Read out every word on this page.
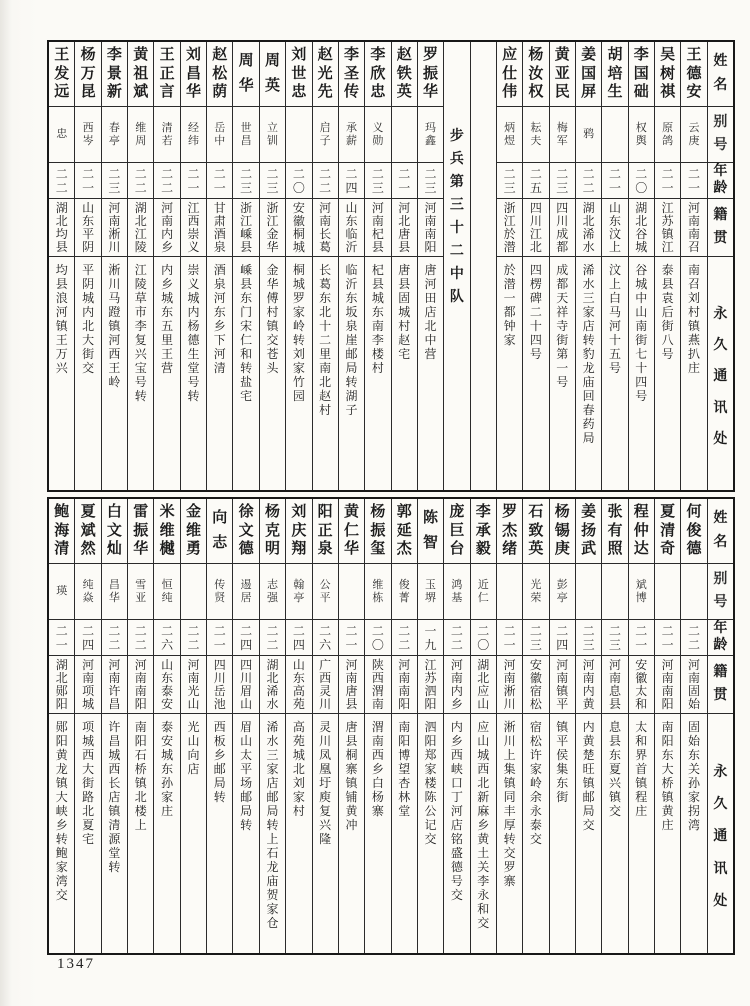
姓
名
别
号
年
龄
籍
贯
永
久
通
讯
处
王
德
安
云
庚
二
一
河
南
南
召
南
召
刘
村
镇
燕
扒
庄
吴
树
祺
原
鸽
二
一
江
苏
镇
江
泰
县
袁
后
街
八
号
李
国
础
权
舆
二
〇
湖
北
谷
城
谷
城
中
山
南
街
七
十
四
号
胡
培
生
二
一
山
东
汶
上
汶
上
白
马
河
十
五
号
姜
国
屏
鸦
二
二
湖
北
浠
水
浠
水
三
家
店
转
豹
龙
庙
回
春
药
局
黄
亚
民
梅
军
二
三
四
川
成
都
成
都
天
祥
寺
街
第
一
号
杨
汝
权
耘
夫
二
五
四
川
江
北
四
楞
碑
二
十
四
号
应
仕
伟
炳
煜
二
三
浙
江
於
潜
於
潜
一
都
钟
家
步
兵
第
三
十
二
中
队
罗
振
华
玛
鑫
二
三
河
南
南
阳
唐
河
田
店
北
中
营
赵
铁
英
二
一
河
北
唐
县
唐
县
固
城
村
赵
宅
李
欣
忠
义
勋
二
三
河
南
杞
县
杞
县
城
东
南
李
楼
村
李
圣
传
承
薪
二
四
山
东
临
沂
临
沂
东
坂
泉
崖
邮
局
转
湖
子
赵
光
先
启
子
二
二
河
南
长
葛
长
葛
东
北
十
二
里
南
北
赵
村
刘
世
忠
二
〇
安
徽
桐
城
桐
城
罗
家
岭
转
刘
家
竹
园
周
英
立
钏
二
三
浙
江
金
华
金
华
傅
村
镇
交
苍
头
周
华
世
昌
二
三
浙
江
嵊
县
嵊
县
东
门
宋
仁
和
转
盐
宅
赵
松
荫
岳
中
二
一
甘
肃
酒
泉
酒
泉
河
东
乡
下
河
清
刘
昌
华
经
纬
二
一
江
西
崇
义
崇
义
城
内
杨
德
生
堂
号
转
王
正
言
清
若
二
二
河
南
内
乡
内
乡
城
东
五
里
王
营
黄
祖
斌
维
周
二
二
湖
北
江
陵
江
陵
草
市
李
复
兴
宝
号
转
李
景
新
春
亭
二
三
河
南
淅
川
淅
川
马
蹬
镇
河
西
王
岭
杨
万
昆
西
岑
二
一
山
东
平
阴
平
阴
城
内
北
大
街
交
王
发
远
忠
二
二
湖
北
均
县
均
县
浪
河
镇
王
万
兴
姓
名
别
号
年
龄
籍
贯
永
久
通
讯
处
何
俊
德
二
二
河
南
固
始
固
始
东
关
孙
家
拐
湾
夏
清
奇
二
一
河
南
南
阳
南
阳
东
大
桥
镇
黄
庄
程
仲
达
斌
博
二
一
安
徽
太
和
太
和
界
首
镇
程
庄
张
有
照
二
三
河
南
息
县
息
县
东
夏
兴
镇
交
姜
扬
武
二
三
河
南
内
黄
内
黄
楚
旺
镇
邮
局
交
杨
锡
庚
彭
亭
二
四
河
南
镇
平
镇
平
侯
集
东
街
石
致
英
光
荣
二
三
安
徽
宿
松
宿
松
许
家
岭
余
永
泰
交
罗
杰
绪
二
一
河
南
淅
川
淅
川
上
集
镇
同
丰
厚
转
交
罗
寨
李
承
毅
近
仁
二
〇
湖
北
应
山
应
山
城
西
北
新
麻
乡
黄
土
关
李
永
和
交
庞
巨
台
鸿
基
二
二
河
南
内
乡
内
乡
西
峡
口
丁
河
店
铭
盛
德
号
交
陈
智
玉
堺
一
九
江
苏
泗
阳
泗
阳
郑
家
楼
陈
公
记
交
郭
延
杰
俊
菁
二
二
河
南
南
阳
南
阳
博
望
杏
林
堂
杨
振
玺
维
栋
二
〇
陕
西
渭
南
渭
南
西
乡
白
杨
寨
黄
仁
华
二
一
河
南
唐
县
唐
县
桐
寨
镇
铺
黄
冲
阳
正
泉
公
平
二
六
广
西
灵
川
灵
川
凤
凰
圩
庾
复
兴
隆
刘
庆
翔
翰
亭
二
四
山
东
高
苑
高
苑
城
北
刘
家
村
杨
克
明
志
强
二
二
湖
北
浠
水
浠
水
三
家
店
邮
局
转
上
石
龙
庙
贺
家
仓
徐
文
德
逷
居
二
四
四
川
眉
山
眉
山
太
平
场
邮
局
转
向
志
传
贤
二
一
四
川
岳
池
西
板
乡
邮
局
转
金
维
勇
二
二
河
南
光
山
光
山
向
店
米
维
樾
恒
纯
二
六
山
东
泰
安
泰
安
城
东
孙
家
庄
雷
振
华
雪
亚
二
二
河
南
南
阳
南
阳
石
桥
镇
北
楼
上
白
文
灿
昌
华
二
二
河
南
许
昌
许
昌
城
西
长
店
镇
清
源
堂
转
夏
斌
然
纯
焱
二
四
河
南
项
城
项
城
西
大
街
路
北
夏
宅
鲍
海
清
瑛
二
一
湖
北
郧
阳
郧
阳
黄
龙
镇
大
峡
乡
转
鲍
家
湾
交
1347
